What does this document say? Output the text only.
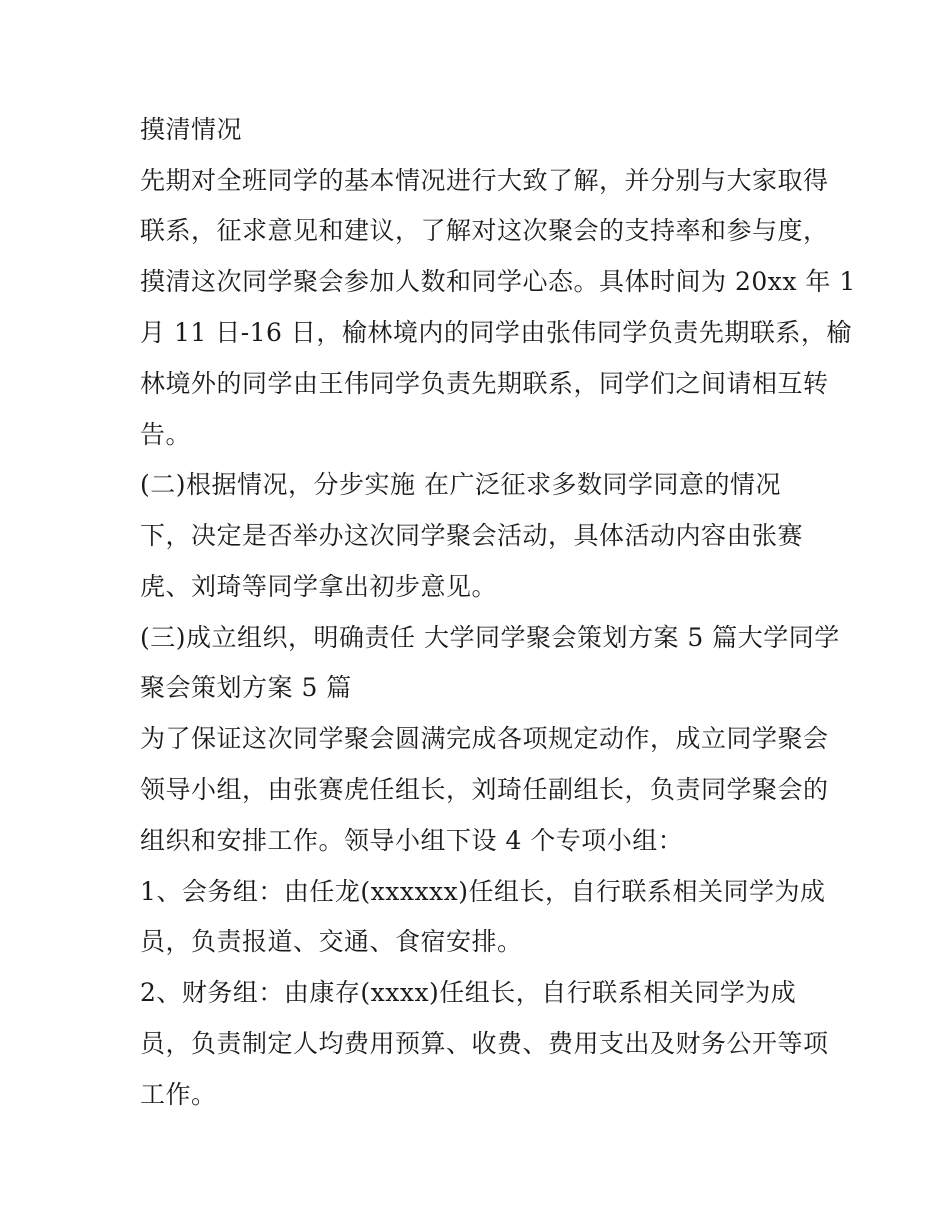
摸清情况
先期对全班同学的基本情况进行大致了解，并分别与大家取得
联系，征求意见和建议，了解对这次聚会的支持率和参与度，
摸清这次同学聚会参加人数和同学心态。具体时间为 20xx 年 1
月 11 日-16 日，榆林境内的同学由张伟同学负责先期联系，榆
林境外的同学由王伟同学负责先期联系，同学们之间请相互转
告。
(二)根据情况，分步实施 在广泛征求多数同学同意的情况
下，决定是否举办这次同学聚会活动，具体活动内容由张赛
虎、刘琦等同学拿出初步意见。
(三)成立组织，明确责任 大学同学聚会策划方案 5 篇大学同学
聚会策划方案 5 篇
为了保证这次同学聚会圆满完成各项规定动作，成立同学聚会
领导小组，由张赛虎任组长，刘琦任副组长，负责同学聚会的
组织和安排工作。领导小组下设 4 个专项小组：
1、会务组：由任龙(xxxxxx)任组长，自行联系相关同学为成
员，负责报道、交通、食宿安排。
2、财务组：由康存(xxxx)任组长，自行联系相关同学为成
员，负责制定人均费用预算、收费、费用支出及财务公开等项
工作。
